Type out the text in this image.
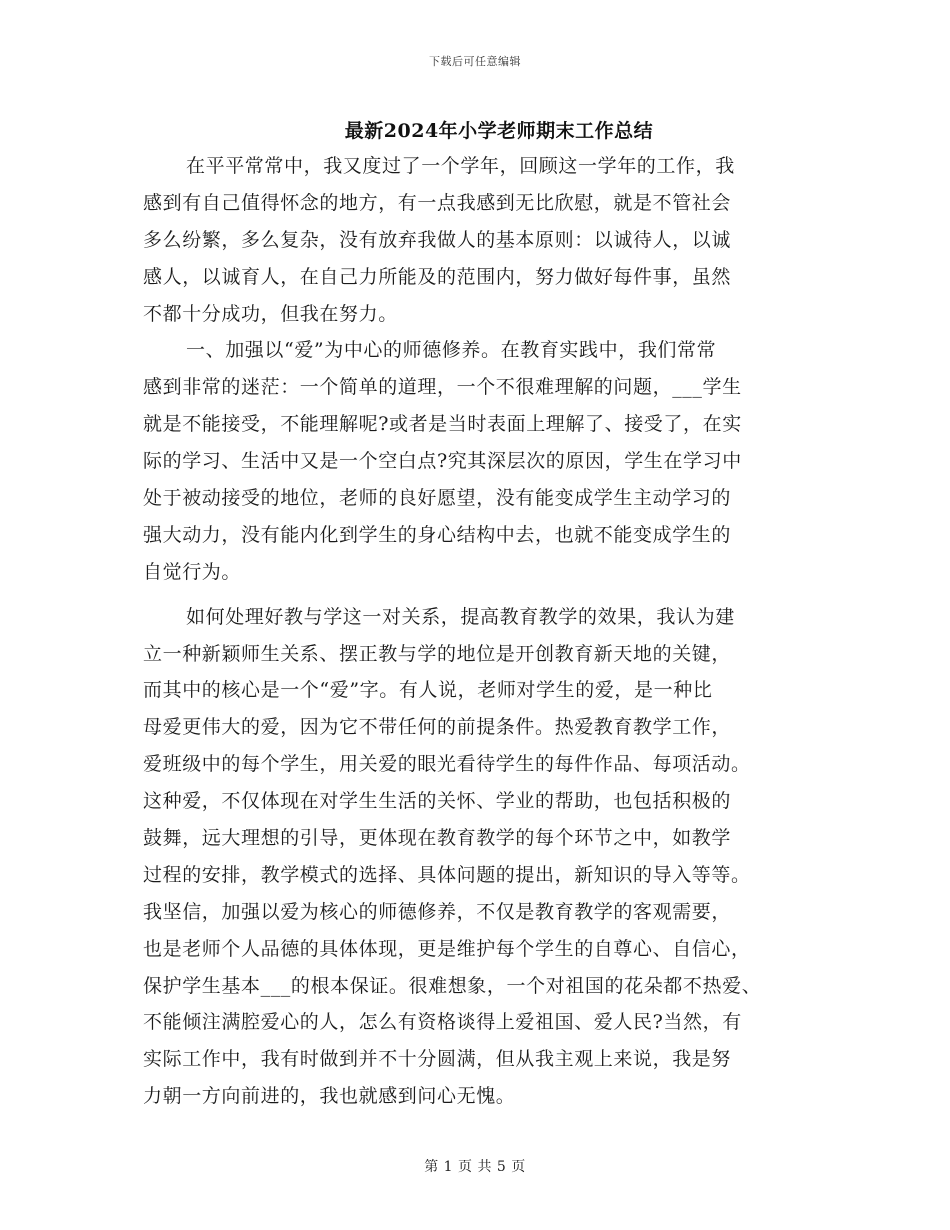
下载后可任意编辑
最新2024年小学老师期末工作总结
在平平常常中，我又度过了一个学年，回顾这一学年的工作，我
感到有自己值得怀念的地方，有一点我感到无比欣慰，就是不管社会
多么纷繁，多么复杂，没有放弃我做人的基本原则：以诚待人，以诚
感人，以诚育人，在自己力所能及的范围内，努力做好每件事，虽然
不都十分成功，但我在努力。
一、加强以“爱”为中心的师德修养。在教育实践中，我们常常
感到非常的迷茫：一个简单的道理，一个不很难理解的问题，___学生
就是不能接受，不能理解呢?或者是当时表面上理解了、接受了，在实
际的学习、生活中又是一个空白点?究其深层次的原因，学生在学习中
处于被动接受的地位，老师的良好愿望，没有能变成学生主动学习的
强大动力，没有能内化到学生的身心结构中去，也就不能变成学生的
自觉行为。
如何处理好教与学这一对关系，提高教育教学的效果，我认为建
立一种新颖师生关系、摆正教与学的地位是开创教育新天地的关键，
而其中的核心是一个“爱”字。有人说，老师对学生的爱，是一种比
母爱更伟大的爱，因为它不带任何的前提条件。热爱教育教学工作，
爱班级中的每个学生，用关爱的眼光看待学生的每件作品、每项活动。
这种爱，不仅体现在对学生生活的关怀、学业的帮助，也包括积极的
鼓舞，远大理想的引导，更体现在教育教学的每个环节之中，如教学
过程的安排，教学模式的选择、具体问题的提出，新知识的导入等等。
我坚信，加强以爱为核心的师德修养，不仅是教育教学的客观需要，
也是老师个人品德的具体体现，更是维护每个学生的自尊心、自信心，
保护学生基本___的根本保证。很难想象，一个对祖国的花朵都不热爱、
不能倾注满腔爱心的人，怎么有资格谈得上爱祖国、爱人民?当然，有
实际工作中，我有时做到并不十分圆满，但从我主观上来说，我是努
力朝一方向前进的，我也就感到问心无愧。
第 1 页 共 5 页
